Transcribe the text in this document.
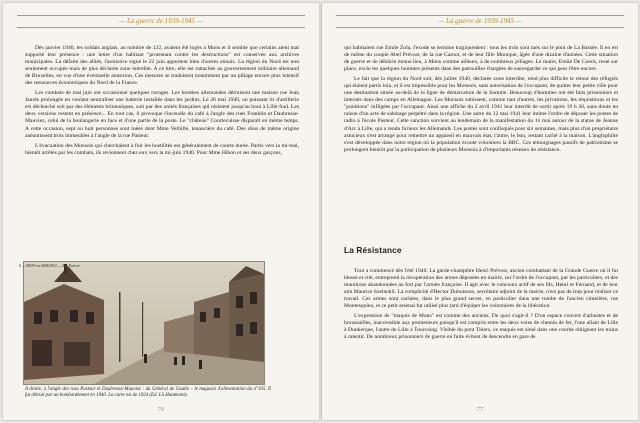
— La guerre de 1939-1945 —

Dès janvier 1940, les soldats anglais, au nombre de 122, avaient été logés à Mons et il semble que certains aient mal supporté leur présence : une lettre d'un habitant "protestant contre les destructions" est conservée aux archives municipales. La défaite des alliés, l'armistice signé le 22 juin apportent bien d'autres ennuis. La région du Nord est non seulement occupée mais de plus déclarée zone interdite. A ce titre, elle est rattachée au gouvernement militaire allemand de Bruxelles, en vue d'une éventuelle annexion. Ces mesures se traduisent notamment par un pillage encore plus intensif des ressources économiques du Nord de la France.

Les combats de mai juin ont occasionné quelques ravages. Les bombes allemandes détruisent une maison rue Jean Jaurès prolongée en voulant neutraliser une batterie installée dans les jardins. Le 26 mai 1940, un puissant tir d'artillerie est déclenché soit par des éléments britanniques, soit par des unités françaises qui résistent jusqu'au bout à Lille-Sud. Les deux versions restent en présence... En tout cas, il provoque l'incendie du café à l'angle des rues Franklin et Daubresse-Mauviez, celui de la boulangerie en face et d'une partie de la poste. Le "château" Courtecuisse disparaît en même temps. A cette occasion, sept ou huit personnes sont tuées dont Mme Verhille, tenancière du café. Des obus de même origine anéantissent trois immeubles à l'angle de la rue Pasteur.

L'évacuation des Monsois qui cherchaient à fuir les hostilités est généralement de courte durée. Partis vers la mi-mai, bientôt arrêtés par les combats, ils reviennent chez eux vers la mi-juin 1940. Pour Mme Hibon et ses deux garçons,

8 — MONS-en-BAROEUL — Rue Pasteur
A droite, à l'angle des rues Pasteur et Daubresse-Mauviez : du Général de Gaulle – le magasin d'alimentation du n°105. Il fut détruit par un bombardement en 1940. La carte est de 1924 (Ed. LS Hautmont).
76
— La guerre de 1939-1945 —

qui habitaient rue Emile Zola, l'exode se termine tragiquement : tous les trois sont tués sur le pont de La Bassée. Il en est de même du couple Abel Prévost, de la rue Carnot, et de leur fille Monique, âgée d'une dizaine d'années. Cette situation de guerre et de débâcle donne lieu, à Mons comme ailleurs, à de nombreux pillages. Le maire, Emile De Coeck, resté sur place, exclu les quelques hommes présents dans des patrouilles chargées de sauvegarder ce qui peut l'être encore.

Le fait que la région du Nord soit, dès juillet 1940, déclarée zone interdite, rend plus difficile le retour des réfugiés qui étaient partis loin, et il est impossible pour les Monsois, sans autorisation de l'occupant, de quitter leur petite ville pour une destination située au-delà de la ligne de démarcation de la Somme. Beaucoup d'hommes ont été faits prisonniers et internés dans des camps en Allemagne. Les Monsois subissent, comme tant d'autres, les privations, les réquisitions et les "punitions" infligées par l'occupant. Ainsi une affiche du 2 avril 1941 leur interdit de sortir après 19 h 30, sans doute en raison d'un acte de sabotage perpétré dans la région. Une autre du 12 mai 1941 leur intime l'ordre de déposer les postes de radio à l'école Pasteur. Cette sanction survient au lendemain de la manifestation du 11 mai autour de la statue de Jeanne d'Arc à Lille, qui a rendu furieux les Allemands. Les postes sont confisqués pour six semaines, mais plus d'un propriétaire astucieux s'est arrangé pour remettre un appareil en mauvais état, l'autre, le bon, restant caché à la maison. L'anglophilie s'est développée dans notre région où la population écoute volontiers la BBC. Ces témoignages passifs de patriotisme se prolongent bientôt par la participation de plusieurs Monsois à d'importants réseaux de résistance.

La Résistance

Tout a commencé dès l'été 1940. La garde-champêtre Henri Prévost, ancien combattant de la Grande Guerre où il fut blessé et cité, entreprend la récupération des armes déposées en mairie, sur l'ordre de l'occupant, par les particuliers, et des munitions abandonnées au fort par l'armée française. Il agit avec le concours actif de ses fils, Henri et Fernand, et de leur ami Maurice Szelankil. La complicité d'Hector Dubuisson, secrétaire adjoint de la mairie, n'est pas de trop pour réaliser ce travail. Ces armes sont cachées, dans le plus grand secret, en particulier dans une tombe de l'ancien cimetière, rue Montesquieu, et ce petit arsenal fut utilisé plus tard d'équiper les volontaires de la libération.

L'expression de "maquis de Mons" est comme des anciens. De quoi s'agit-il ? D'un espace couvert d'arbustes et de broussailles, inaccessible aux promeneurs puisqu'il est compris entre les deux voies de chemin de fer, l'une allant de Lille à Dunkerque, l'autre de Lille à Tourcoing. Visible du pont Thiers, ce maquis est situé dans une courbe obligeant les trains à ralentir. De nombreux prisonniers de guerre en fuite évitent de descendre en gare de

77
